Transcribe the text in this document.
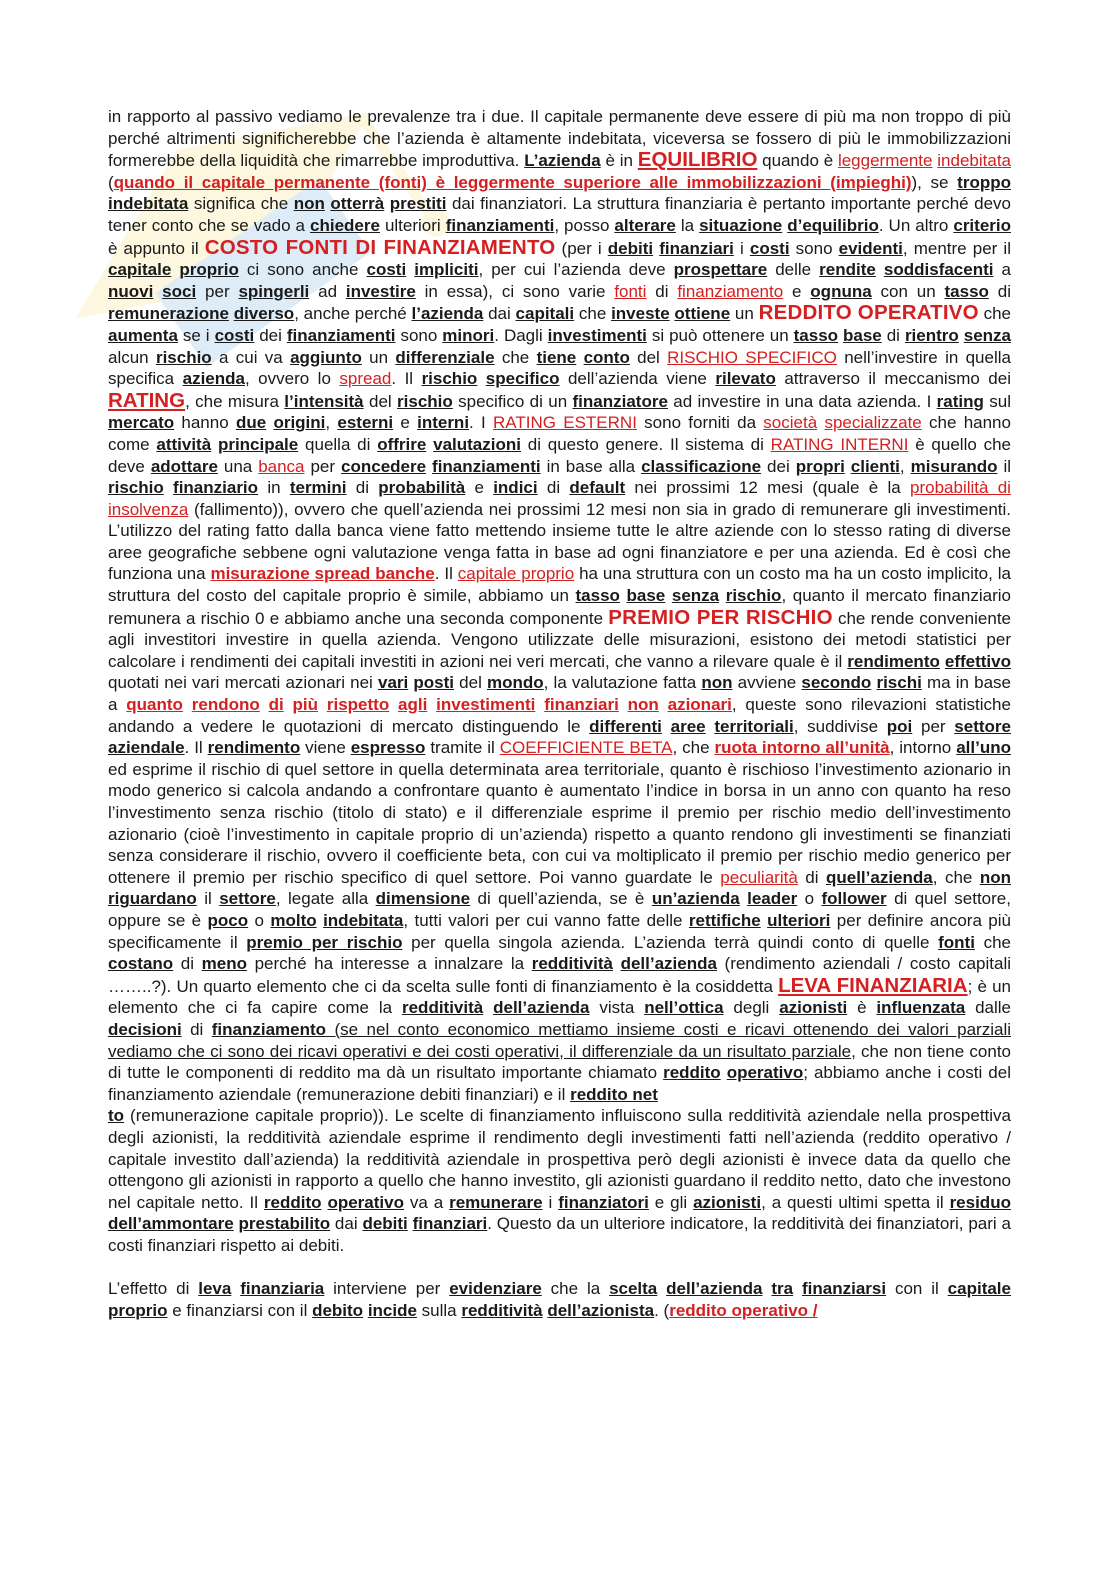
in rapporto al passivo vediamo le prevalenze tra i due. Il capitale permanente deve essere di più ma non troppo di più perché altrimenti significherebbe che l’azienda è altamente indebitata, viceversa se fossero di più le immobilizzazioni formerebbe della liquidità che rimarrebbe improduttiva. L’azienda è in EQUILIBRIO quando è leggermente indebitata (quando il capitale permanente (fonti) è leggermente superiore alle immobilizzazioni (impieghi)), se troppo indebitata significa che non otterrà prestiti dai finanziatori. La struttura finanziaria è pertanto importante perché devo tener conto che se vado a chiedere ulteriori finanziamenti, posso alterare la situazione d’equilibrio. Un altro criterio è appunto il COSTO FONTI DI FINANZIAMENTO (per i debiti finanziari i costi sono evidenti, mentre per il capitale proprio ci sono anche costi impliciti, per cui l’azienda deve prospettare delle rendite soddisfacenti a nuovi soci per spingerli ad investire in essa), ci sono varie fonti di finanziamento e ognuna con un tasso di remunerazione diverso, anche perché l’azienda dai capitali che investe ottiene un REDDITO OPERATIVO che aumenta se i costi dei finanziamenti sono minori. Dagli investimenti si può ottenere un tasso base di rientro senza alcun rischio a cui va aggiunto un differenziale che tiene conto del RISCHIO SPECIFICO nell’investire in quella specifica azienda, ovvero lo spread. Il rischio specifico dell’azienda viene rilevato attraverso il meccanismo dei RATING, che misura l’intensità del rischio specifico di un finanziatore ad investire in una data azienda. I rating sul mercato hanno due origini, esterni e interni. I RATING ESTERNI sono forniti da società specializzate che hanno come attività principale quella di offrire valutazioni di questo genere. Il sistema di RATING INTERNI è quello che deve adottare una banca per concedere finanziamenti in base alla classificazione dei propri clienti, misurando il rischio finanziario in termini di probabilità e indici di default nei prossimi 12 mesi (quale è la probabilità di insolvenza (fallimento)), ovvero che quell’azienda nei prossimi 12 mesi non sia in grado di remunerare gli investimenti. L’utilizzo del rating fatto dalla banca viene fatto mettendo insieme tutte le altre aziende con lo stesso rating di diverse aree geografiche sebbene ogni valutazione venga fatta in base ad ogni finanziatore e per una azienda. Ed è così che funziona una misurazione spread banche. Il capitale proprio ha una struttura con un costo ma ha un costo implicito, la struttura del costo del capitale proprio è simile, abbiamo un tasso base senza rischio, quanto il mercato finanziario remunera a rischio 0 e abbiamo anche una seconda componente PREMIO PER RISCHIO che rende conveniente agli investitori investire in quella azienda. Vengono utilizzate delle misurazioni, esistono dei metodi statistici per calcolare i rendimenti dei capitali investiti in azioni nei veri mercati, che vanno a rilevare quale è il rendimento effettivo quotati nei vari mercati azionari nei vari posti del mondo, la valutazione fatta non avviene secondo rischi ma in base a quanto rendono di più rispetto agli investimenti finanziari non azionari, queste sono rilevazioni statistiche andando a vedere le quotazioni di mercato distinguendo le differenti aree territoriali, suddivise poi per settore aziendale. Il rendimento viene espresso tramite il COEFFICIENTE BETA, che ruota intorno all’unità, intorno all’uno ed esprime il rischio di quel settore in quella determinata area territoriale, quanto è rischioso l’investimento azionario in modo generico si calcola andando a confrontare quanto è aumentato l’indice in borsa in un anno con quanto ha reso l’investimento senza rischio (titolo di stato) e il differenziale esprime il premio per rischio medio dell’investimento azionario (cioè l’investimento in capitale proprio di un’azienda) rispetto a quanto rendono gli investimenti se finanziati senza considerare il rischio, ovvero il coefficiente beta, con cui va moltiplicato il premio per rischio medio generico per ottenere il premio per rischio specifico di quel settore. Poi vanno guardate le peculiarità di quell’azienda, che non riguardano il settore, legate alla dimensione di quell’azienda, se è un’azienda leader o follower di quel settore, oppure se è poco o molto indebitata, tutti valori per cui vanno fatte delle rettifiche ulteriori per definire ancora più specificamente il premio per rischio per quella singola azienda. L’azienda terrà quindi conto di quelle fonti che costano di meno perché ha interesse a innalzare la redditività dell’azienda (rendimento aziendali / costo capitali ……..?). Un quarto elemento che ci da scelta sulle fonti di finanziamento è la cosiddetta LEVA FINANZIARIA; è un elemento che ci fa capire come la redditività dell’azienda vista nell’ottica degli azionisti è influenzata dalle decisioni di finanziamento (se nel conto economico mettiamo insieme costi e ricavi ottenendo dei valori parziali vediamo che ci sono dei ricavi operativi e dei costi operativi, il differenziale da un risultato parziale, che non tiene conto di tutte le componenti di reddito ma dà un risultato importante chiamato reddito operativo; abbiamo anche i costi del finanziamento aziendale (remunerazione debiti finanziari) e il reddito net
to (remunerazione capitale proprio)). Le scelte di finanziamento influiscono sulla redditività aziendale nella prospettiva degli azionisti, la redditività aziendale esprime il rendimento degli investimenti fatti nell’azienda (reddito operativo / capitale investito dall’azienda) la redditività aziendale in prospettiva però degli azionisti è invece data da quello che ottengono gli azionisti in rapporto a quello che hanno investito, gli azionisti guardano il reddito netto, dato che investono nel capitale netto. Il reddito operativo va a remunerare i finanziatori e gli azionisti, a questi ultimi spetta il residuo dell’ammontare prestabilito dai debiti finanziari. Questo da un ulteriore indicatore, la redditività dei finanziatori, pari a costi finanziari rispetto ai debiti.

L’effetto di leva finanziaria interviene per evidenziare che la scelta dell’azienda tra finanziarsi con il capitale proprio e finanziarsi con il debito incide sulla redditività dell’azionista. (reddito operativo /
